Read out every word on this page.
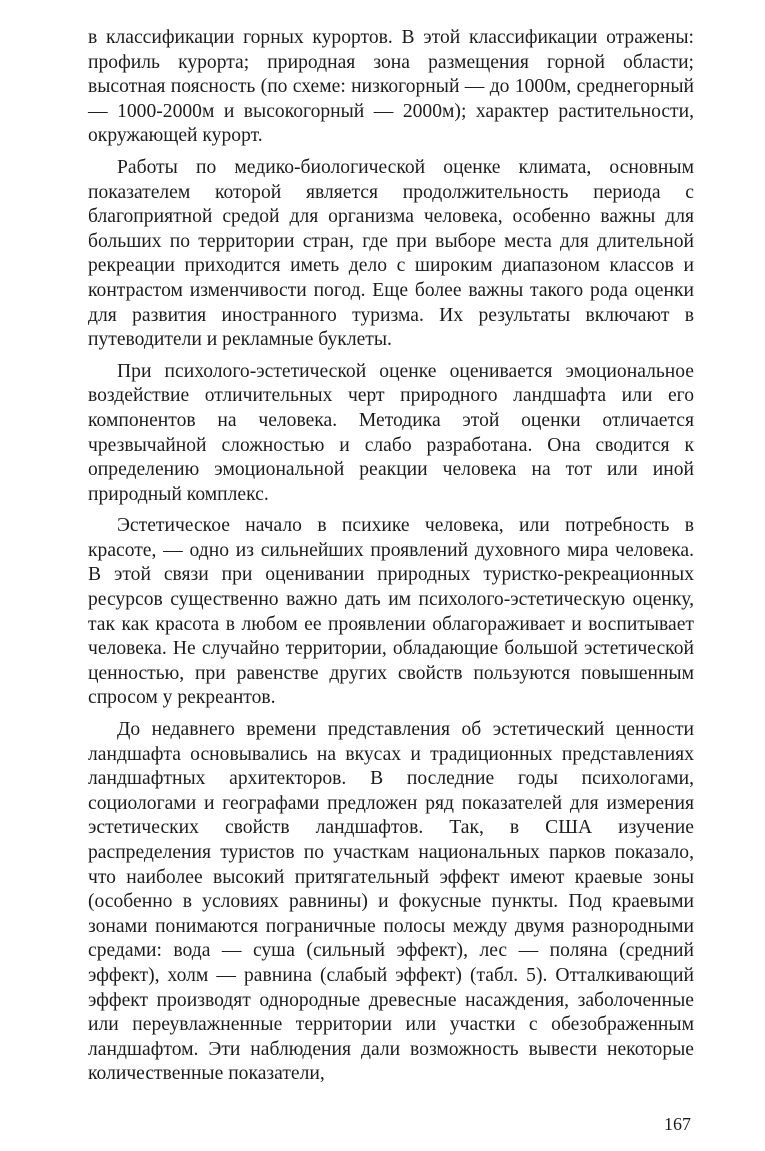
в классификации горных курортов. В этой классификации отражены: профиль курорта; природная зона размещения горной области; высотная поясность (по схеме: низкогорный — до 1000м, среднегорный — 1000-2000м и высокогорный — 2000м); характер растительности, окружающей курорт.

Работы по медико-биологической оценке климата, основным показателем которой является продолжительность периода с благоприятной средой для организма человека, особенно важны для больших по территории стран, где при выборе места для длительной рекреации приходится иметь дело с широким диапазоном классов и контрастом изменчивости погод. Еще более важны такого рода оценки для развития иностранного туризма. Их результаты включают в путеводители и рекламные буклеты.

При психолого-эстетической оценке оценивается эмоциональное воздействие отличительных черт природного ландшафта или его компонентов на человека. Методика этой оценки отличается чрезвычайной сложностью и слабо разработана. Она сводится к определению эмоциональной реакции человека на тот или иной природный комплекс.

Эстетическое начало в психике человека, или потребность в красоте, — одно из сильнейших проявлений духовного мира человека. В этой связи при оценивании природных туристко-рекреационных ресурсов существенно важно дать им психолого-эстетическую оценку, так как красота в любом ее проявлении облагораживает и воспитывает человека. Не случайно территории, обладающие большой эстетической ценностью, при равенстве других свойств пользуются повышенным спросом у рекреантов.

До недавнего времени представления об эстетический ценности ландшафта основывались на вкусах и традиционных представлениях ландшафтных архитекторов. В последние годы психологами, социологами и географами предложен ряд показателей для измерения эстетических свойств ландшафтов. Так, в США изучение распределения туристов по участкам национальных парков показало, что наиболее высокий притягательный эффект имеют краевые зоны (особенно в условиях равнины) и фокусные пункты. Под краевыми зонами понимаются пограничные полосы между двумя разнородными средами: вода — суша (сильный эффект), лес — поляна (средний эффект), холм — равнина (слабый эффект) (табл. 5). Отталкивающий эффект производят однородные древесные насаждения, заболоченные или переувлажненные территории или участки с обезображенным ландшафтом. Эти наблюдения дали возможность вывести некоторые количественные показатели,

167
